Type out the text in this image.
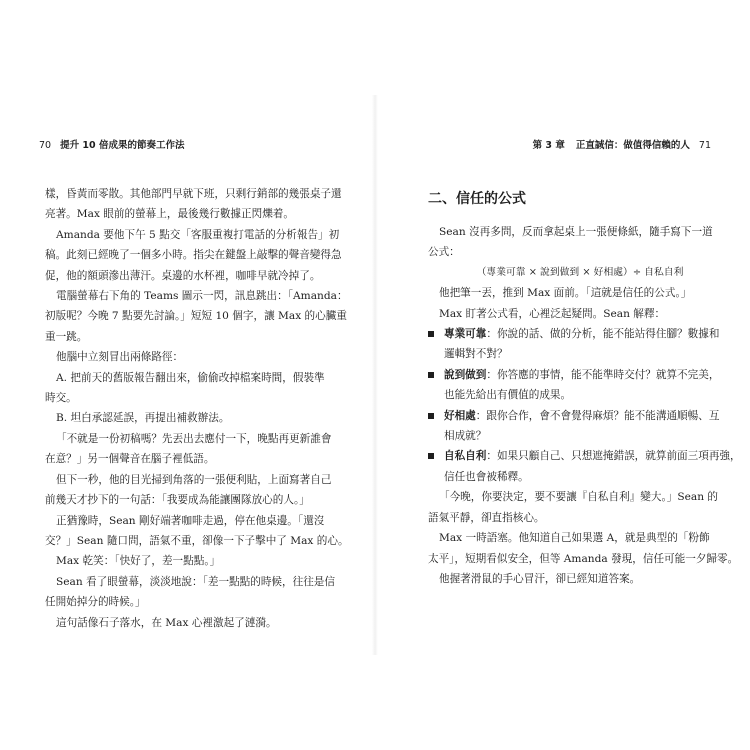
70 提升 10 倍成果的節奏工作法
樣，昏黃而零散。其他部門早就下班，只剩行銷部的幾張桌子還
亮著。Max 眼前的螢幕上，最後幾行數據正閃爍着。
Amanda 要他下午 5 點交「客服重複打電話的分析報告」初
稿。此刻已經晚了一個多小時。指尖在鍵盤上敲擊的聲音變得急
促，他的額頭滲出薄汗。桌邊的水杯裡，咖啡早就冷掉了。
電腦螢幕右下角的 Teams 圖示一閃，訊息跳出：「Amanda：
初版呢？今晚 7 點要先討論。」短短 10 個字，讓 Max 的心臟重
重一跳。
他腦中立刻冒出兩條路徑：
A. 把前天的舊版報告翻出來，偷偷改掉檔案時間，假裝準
時交。
B. 坦白承認延誤，再提出補救辦法。
「不就是一份初稿嗎？先丟出去應付一下，晚點再更新誰會
在意？」另一個聲音在腦子裡低語。
但下一秒，他的目光掃到角落的一張便利貼，上面寫著自己
前幾天才抄下的一句話：「我要成為能讓團隊放心的人。」
正猶豫時，Sean 剛好端著咖啡走過，停在他桌邊。「還沒
交？」Sean 隨口問，語氣不重，卻像一下子擊中了 Max 的心。
Max 乾笑：「快好了，差一點點。」
Sean 看了眼螢幕，淡淡地說：「差一點點的時候，往往是信
任開始掉分的時候。」
這句話像石子落水，在 Max 心裡激起了漣漪。
第 3 章 正直誠信：做值得信賴的人 71
二、信任的公式
Sean 沒再多問，反而拿起桌上一張便條紙，隨手寫下一道
公式：
（專業可靠 × 說到做到 × 好相處）÷ 自私自利
他把筆一丟，推到 Max 面前。「這就是信任的公式。」
Max 盯著公式看，心裡泛起疑問。Sean 解釋：
專業可靠：你說的話、做的分析，能不能站得住腳？數據和
邏輯對不對？
說到做到：你答應的事情，能不能準時交付？就算不完美，
也能先給出有價值的成果。
好相處：跟你合作，會不會覺得麻煩？能不能溝通順暢、互
相成就？
自私自利：如果只顧自己、只想遮掩錯誤，就算前面三項再強，
信任也會被稀釋。
「今晚，你要決定，要不要讓『自私自利』變大。」Sean 的
語氣平靜，卻直指核心。
Max 一時語塞。他知道自己如果選 A，就是典型的「粉飾
太平」，短期看似安全，但等 Amanda 發現，信任可能一夕歸零。
他握著滑鼠的手心冒汗，卻已經知道答案。
